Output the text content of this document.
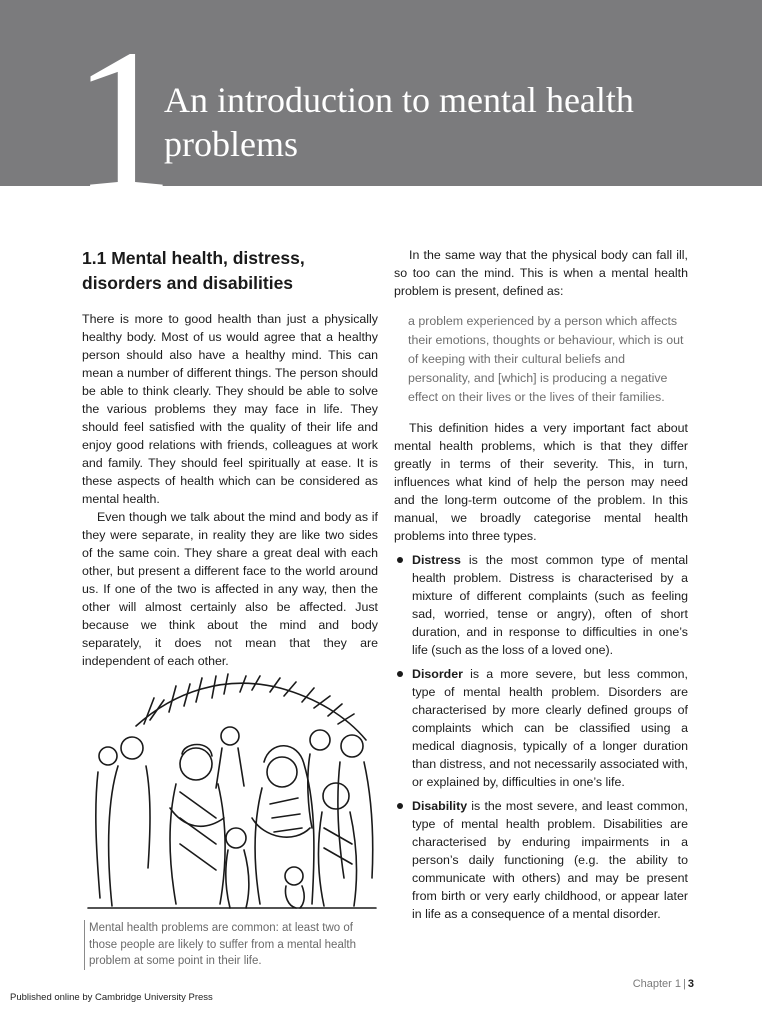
1
An introduction to mental health problems
1.1 Mental health, distress, disorders and disabilities

There is more to good health than just a physically healthy body. Most of us would agree that a healthy person should also have a healthy mind. This can mean a number of different things. The person should be able to think clearly. They should be able to solve the various problems they may face in life. They should feel satisfied with the quality of their life and enjoy good relations with friends, colleagues at work and family. They should feel spiritually at ease. It is these aspects of health which can be considered as mental health.

Even though we talk about the mind and body as if they were separate, in reality they are like two sides of the same coin. They share a great deal with each other, but present a different face to the world around us. If one of the two is affected in any way, then the other will almost certainly also be affected. Just because we think about the mind and body separately, it does not mean that they are independent of each other.

Mental health problems are common: at least two of those people are likely to suffer from a mental health problem at some point in their life.

In the same way that the physical body can fall ill, so too can the mind. This is when a mental health problem is present, defined as:

a problem experienced by a person which affects their emotions, thoughts or behaviour, which is out of keeping with their cultural beliefs and personality, and [which] is producing a negative effect on their lives or the lives of their families.

This definition hides a very important fact about mental health problems, which is that they differ greatly in terms of their severity. This, in turn, influences what kind of help the person may need and the long-term outcome of the problem. In this manual, we broadly categorise mental health problems into three types.

Distress is the most common type of mental health problem. Distress is characterised by a mixture of different complaints (such as feeling sad, worried, tense or angry), often of short duration, and in response to difficulties in one’s life (such as the loss of a loved one).
Disorder is a more severe, but less common, type of mental health problem. Disorders are characterised by more clearly defined groups of complaints which can be classified using a medical diagnosis, typically of a longer duration than distress, and not necessarily associated with, or explained by, difficulties in one’s life.
Disability is the most severe, and least common, type of mental health problem. Disabilities are characterised by enduring impairments in a person’s daily functioning (e.g. the ability to communicate with others) and may be present from birth or very early childhood, or appear later in life as a consequence of a mental disorder.
Chapter 1 | 3
Published online by Cambridge University Press
